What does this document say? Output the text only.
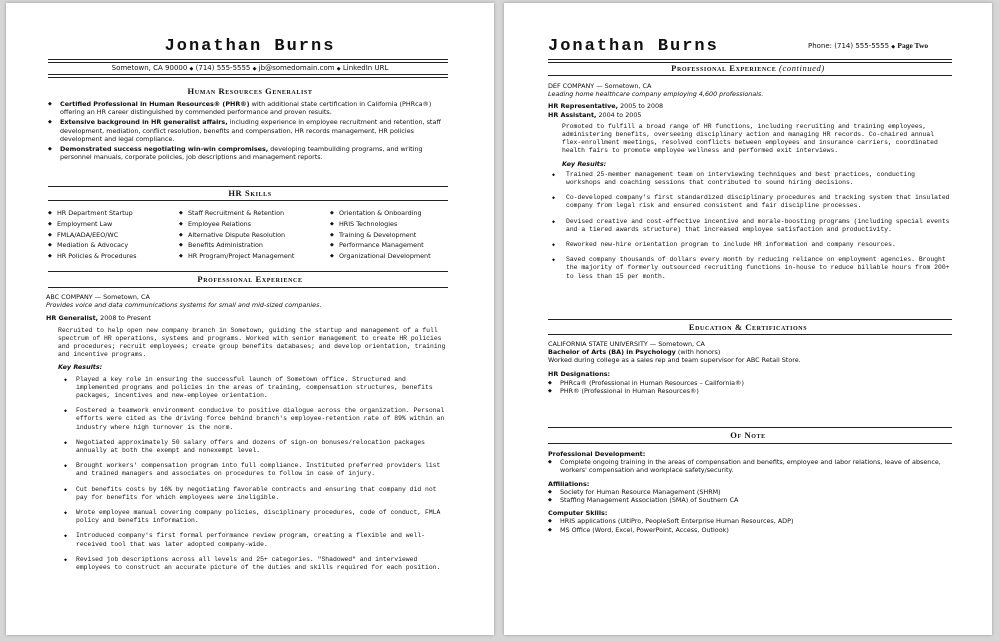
Jonathan Burns
Sometown, CA 90000 ◆ (714) 555-5555 ◆ jb@somedomain.com ◆ LinkedIn URL
Human Resources Generalist
◆ Certified Professional in Human Resources® (PHR®) with additional state certification in California (PHRca®) offering an HR career distinguished by commended performance and proven results.
◆ Extensive background in HR generalist affairs, including experience in employee recruitment and retention, staff development, mediation, conflict resolution, benefits and compensation, HR records management, HR policies development and legal compliance.
◆ Demonstrated success negotiating win-win compromises, developing teambuilding programs, and writing personnel manuals, corporate policies, job descriptions and management reports.
HR Skills
◆ HR Department Startup
◆ Employment Law
◆ FMLA/ADA/EEO/WC
◆ Mediation & Advocacy
◆ HR Policies & Procedures
◆ Staff Recruitment & Retention
◆ Employee Relations
◆ Alternative Dispute Resolution
◆ Benefits Administration
◆ HR Program/Project Management
◆ Orientation & Onboarding
◆ HRIS Technologies
◆ Training & Development
◆ Performance Management
◆ Organizational Development
Professional Experience
ABC COMPANY — Sometown, CA
Provides voice and data communications systems for small and mid-sized companies.
HR Generalist, 2008 to Present
Recruited to help open new company branch in Sometown, guiding the startup and management of a full spectrum of HR operations, systems and programs. Worked with senior management to create HR policies and procedures; recruit employees; create group benefits databases; and develop orientation, training and incentive programs.
Key Results:
◆ Played a key role in ensuring the successful launch of Sometown office. Structured and implemented programs and policies in the areas of training, compensation structures, benefits packages, incentives and new-employee orientation.
◆ Fostered a teamwork environment conducive to positive dialogue across the organization. Personal efforts were cited as the driving force behind branch's employee-retention rate of 89% within an industry where high turnover is the norm.
◆ Negotiated approximately 50 salary offers and dozens of sign-on bonuses/relocation packages annually at both the exempt and nonexempt level.
◆ Brought workers' compensation program into full compliance. Instituted preferred providers list and trained managers and associates on procedures to follow in case of injury.
◆ Cut benefits costs by 16% by negotiating favorable contracts and ensuring that company did not pay for benefits for which employees were ineligible.
◆ Wrote employee manual covering company policies, disciplinary procedures, code of conduct, FMLA policy and benefits information.
◆ Introduced company's first formal performance review program, creating a flexible and well-received tool that was later adopted company-wide.
◆ Revised job descriptions across all levels and 25+ categories. "Shadowed" and interviewed employees to construct an accurate picture of the duties and skills required for each position.
Jonathan Burns	Phone: (714) 555-5555 ◆ Page Two
Professional Experience (continued)
DEF COMPANY — Sometown, CA
Leading home healthcare company employing 4,600 professionals.
HR Representative, 2005 to 2008
HR Assistant, 2004 to 2005
Promoted to fulfill a broad range of HR functions, including recruiting and training employees, administering benefits, overseeing disciplinary action and managing HR records. Co-chaired annual flex-enrollment meetings, resolved conflicts between employees and insurance carriers, coordinated health fairs to promote employee wellness and performed exit interviews.
Key Results:
◆ Trained 25-member management team on interviewing techniques and best practices, conducting workshops and coaching sessions that contributed to sound hiring decisions.
◆ Co-developed company's first standardized disciplinary procedures and tracking system that insulated company from legal risk and ensured consistent and fair discipline processes.
◆ Devised creative and cost-effective incentive and morale-boosting programs (including special events and a tiered awards structure) that increased employee satisfaction and productivity.
◆ Reworked new-hire orientation program to include HR information and company resources.
◆ Saved company thousands of dollars every month by reducing reliance on employment agencies. Brought the majority of formerly outsourced recruiting functions in-house to reduce billable hours from 200+ to less than 15 per month.
Education & Certifications
CALIFORNIA STATE UNIVERSITY — Sometown, CA
Bachelor of Arts (BA) in Psychology (with honors)
Worked during college as a sales rep and team supervisor for ABC Retail Store.
HR Designations:
◆ PHRca® (Professional in Human Resources – California®)
◆ PHR® (Professional in Human Resources®)
Of Note
Professional Development:
◆ Complete ongoing training in the areas of compensation and benefits, employee and labor relations, leave of absence, workers' compensation and workplace safety/security.
Affiliations:
◆ Society for Human Resource Management (SHRM)
◆ Staffing Management Association (SMA) of Southern CA
Computer Skills:
◆ HRIS applications (UltiPro, PeopleSoft Enterprise Human Resources, ADP)
◆ MS Office (Word, Excel, PowerPoint, Access, Outlook)
